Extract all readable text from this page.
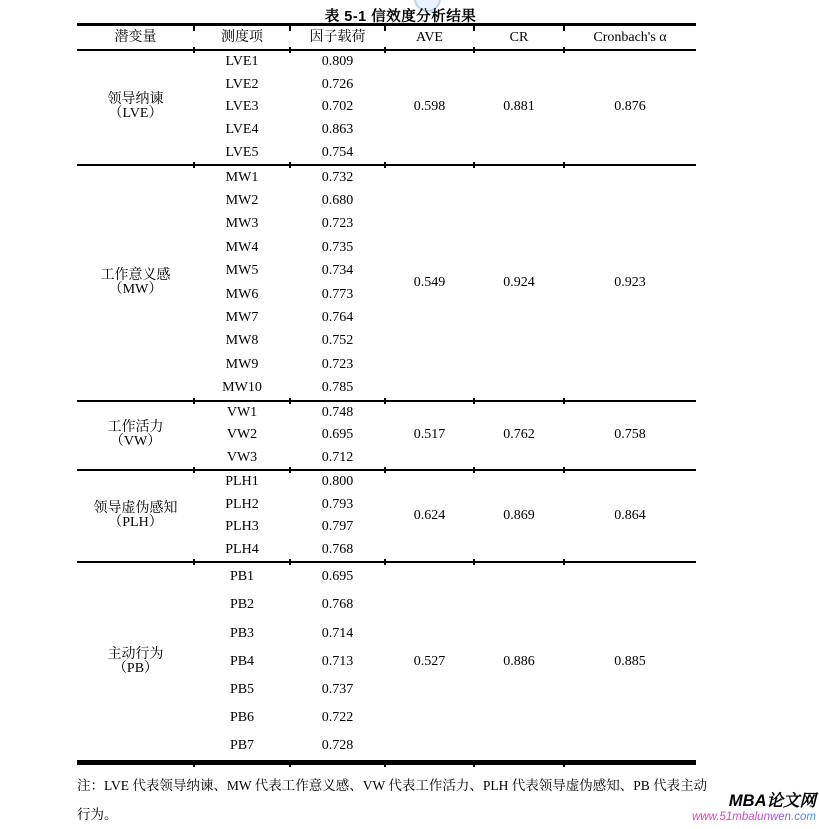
表 5-1 信效度分析结果
潜变量	测度项	因子载荷	AVE	CR	Cronbach's α
领导纳谏
（LVE）
LVE1	0.809
LVE2	0.726
LVE3	0.702
LVE4	0.863
LVE5	0.754
0.598	0.881	0.876
工作意义感
（MW）
MW1	0.732
MW2	0.680
MW3	0.723
MW4	0.735
MW5	0.734
MW6	0.773
MW7	0.764
MW8	0.752
MW9	0.723
MW10	0.785
0.549	0.924	0.923
工作活力
（VW）
VW1	0.748
VW2	0.695
VW3	0.712
0.517	0.762	0.758
领导虚伪感知
（PLH）
PLH1	0.800
PLH2	0.793
PLH3	0.797
PLH4	0.768
0.624	0.869	0.864
主动行为
（PB）
PB1	0.695
PB2	0.768
PB3	0.714
PB4	0.713
PB5	0.737
PB6	0.722
PB7	0.728
0.527	0.886	0.885
注：LVE 代表领导纳谏、MW 代表工作意义感、VW 代表工作活力、PLH 代表领导虚伪感知、PB 代表主动
行为。
MBA论文网
www.51mbalunwen.com
